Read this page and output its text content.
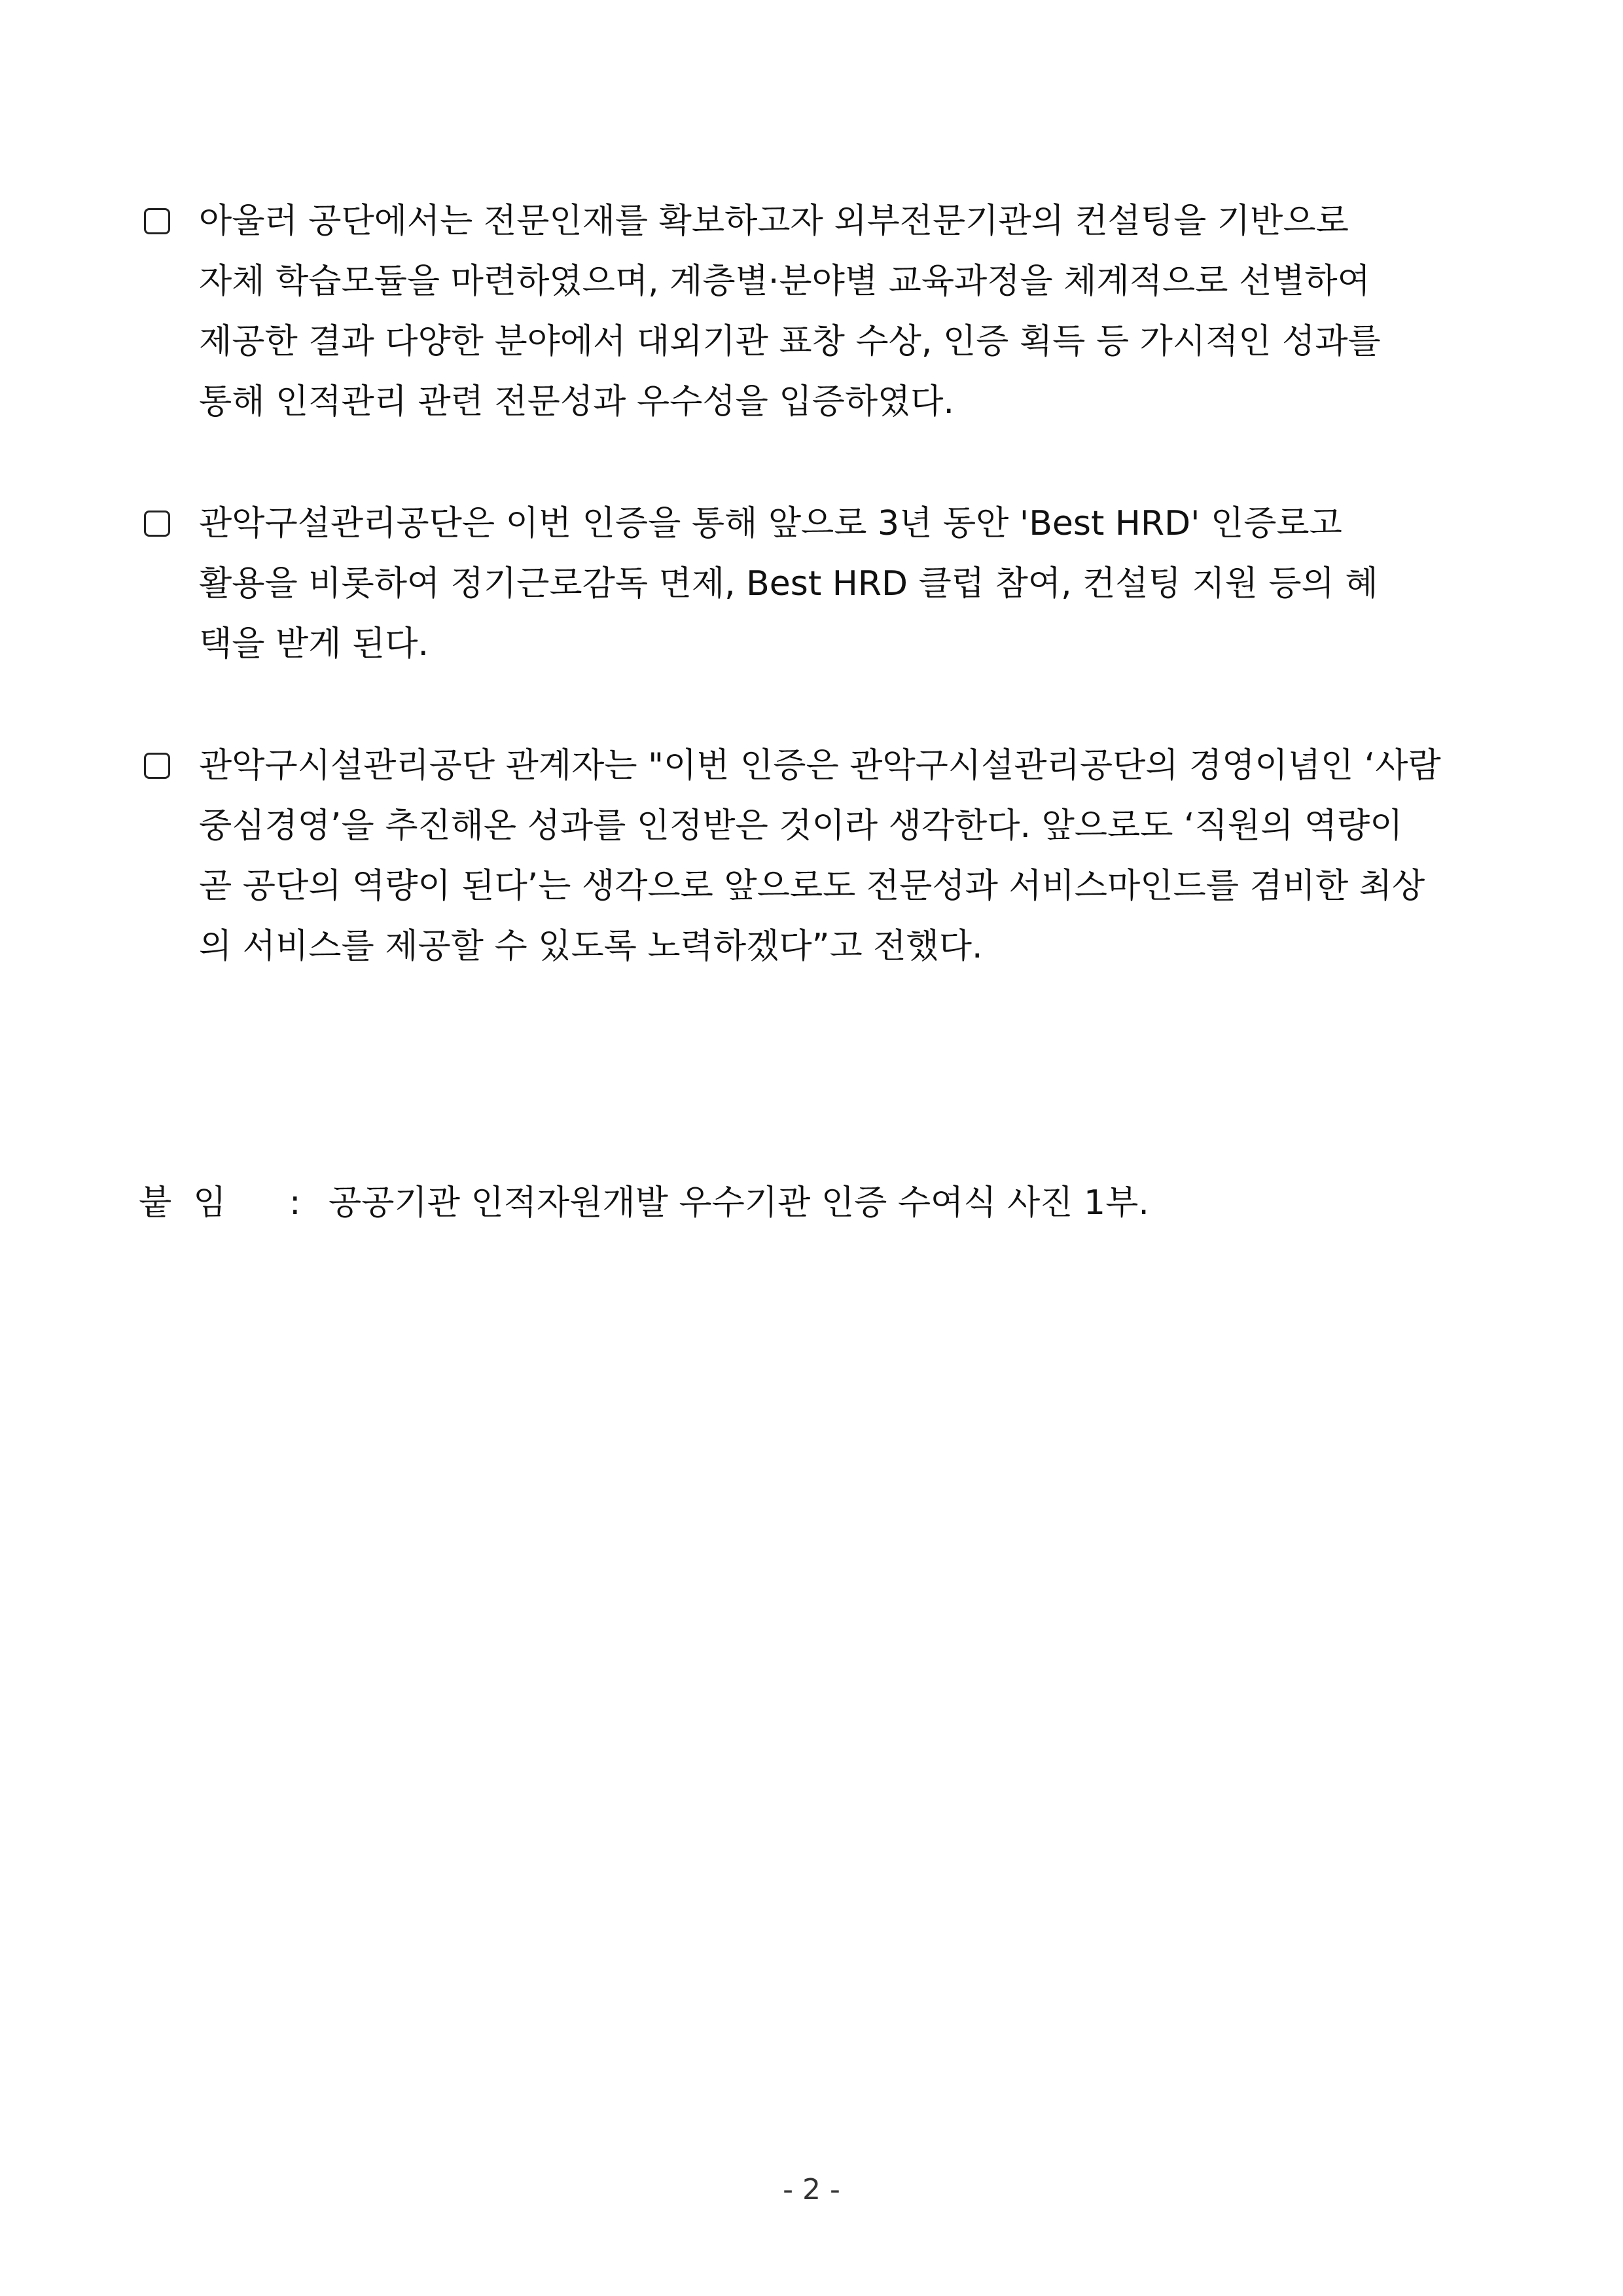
아울러 공단에서는 전문인재를 확보하고자 외부전문기관의 컨설팅을 기반으로
자체 학습모듈을 마련하였으며, 계층별·분야별 교육과정을 체계적으로 선별하여
제공한 결과 다양한 분야에서 대외기관 표창 수상, 인증 획득 등 가시적인 성과를
통해 인적관리 관련 전문성과 우수성을 입증하였다.
관악구설관리공단은 이번 인증을 통해 앞으로 3년 동안 'Best HRD' 인증로고
활용을 비롯하여 정기근로감독 면제, Best HRD 클럽 참여, 컨설팅 지원 등의 혜
택을 받게 된다.
관악구시설관리공단 관계자는 "이번 인증은 관악구시설관리공단의 경영이념인 ‘사람
중심경영’을 추진해온 성과를 인정받은 것이라 생각한다. 앞으로도 ‘직원의 역량이
곧 공단의 역량이 된다’는 생각으로 앞으로도 전문성과 서비스마인드를 겸비한 최상
의 서비스를 제공할 수 있도록 노력하겠다”고 전했다.
붙  임 : 공공기관 인적자원개발 우수기관 인증 수여식 사진 1부.
- 2 -
